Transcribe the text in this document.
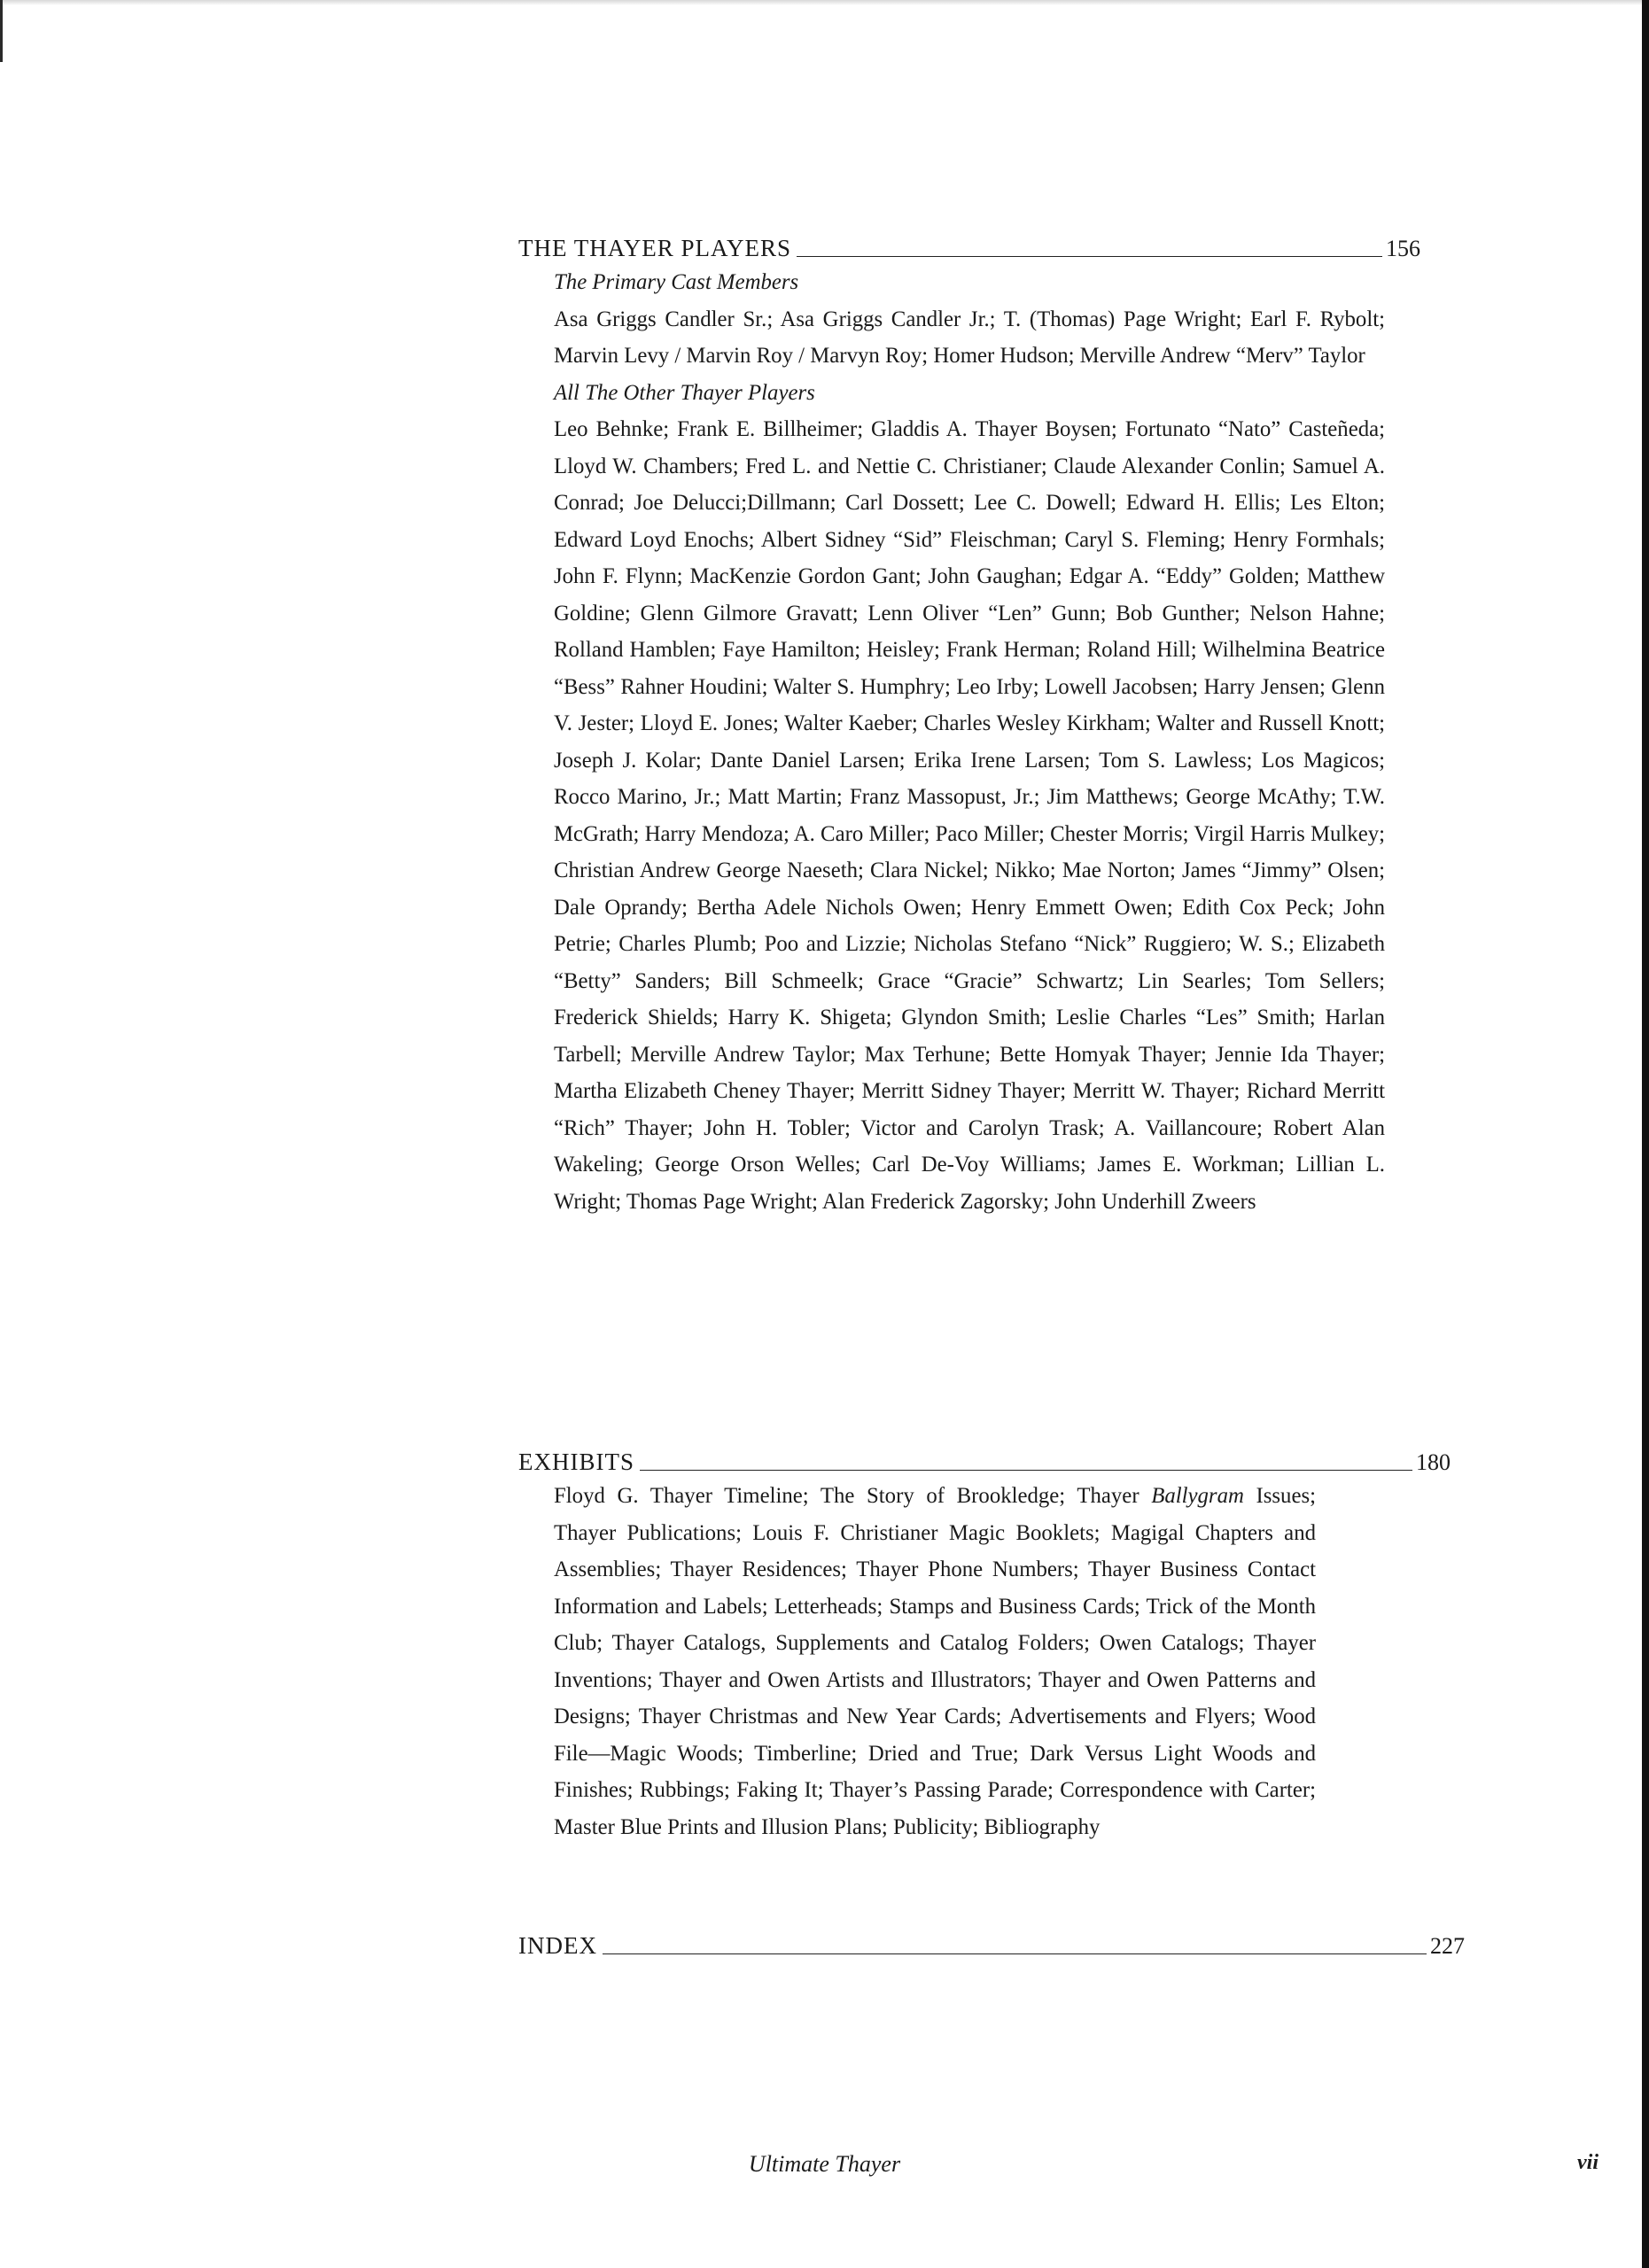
THE THAYER PLAYERS	156
The Primary Cast Members
Asa Griggs Candler Sr.; Asa Griggs Candler Jr.; T. (Thomas) Page Wright; Earl F. Rybolt; Marvin Levy / Marvin Roy / Marvyn Roy; Homer Hudson; Merville Andrew “Merv” Taylor
All The Other Thayer Players
Leo Behnke; Frank E. Billheimer; Gladdis A. Thayer Boysen; Fortunato “Nato” Casteñeda; Lloyd W. Chambers; Fred L. and Nettie C. Christianer; Claude Alexander Conlin; Samuel A. Conrad; Joe Delucci;Dillmann; Carl Dossett; Lee C. Dowell; Edward H. Ellis; Les Elton; Edward Loyd Enochs; Albert Sidney “Sid” Fleischman; Caryl S. Fleming; Henry Formhals; John F. Flynn; MacKenzie Gordon Gant; John Gaughan; Edgar A. “Eddy” Golden; Matthew Goldine; Glenn Gilmore Gravatt; Lenn Oliver “Len” Gunn; Bob Gunther; Nelson Hahne; Rolland Hamblen; Faye Hamilton; Heisley; Frank Herman; Roland Hill; Wilhelmina Beatrice “Bess” Rahner Houdini; Walter S. Humphry; Leo Irby; Lowell Jacobsen; Harry Jensen; Glenn V. Jester; Lloyd E. Jones; Walter Kaeber; Charles Wesley Kirkham; Walter and Russell Knott; Joseph J. Kolar; Dante Daniel Larsen; Erika Irene Larsen; Tom S. Lawless; Los Magicos; Rocco Marino, Jr.; Matt Martin; Franz Massopust, Jr.; Jim Matthews; George McAthy; T.W. McGrath; Harry Mendoza; A. Caro Miller; Paco Miller; Chester Morris; Virgil Harris Mulkey; Christian Andrew George Naeseth; Clara Nickel; Nikko; Mae Norton; James “Jimmy” Olsen; Dale Oprandy; Bertha Adele Nichols Owen; Henry Emmett Owen; Edith Cox Peck; John Petrie; Charles Plumb; Poo and Lizzie; Nicholas Stefano “Nick” Ruggiero; W. S.; Elizabeth “Betty” Sanders; Bill Schmeelk; Grace “Gracie” Schwartz; Lin Searles; Tom Sellers; Frederick Shields; Harry K. Shigeta; Glyndon Smith; Leslie Charles “Les” Smith; Harlan Tarbell; Merville Andrew Taylor; Max Terhune; Bette Homyak Thayer; Jennie Ida Thayer; Martha Elizabeth Cheney Thayer; Merritt Sidney Thayer; Merritt W. Thayer; Richard Merritt “Rich” Thayer; John H. Tobler; Victor and Carolyn Trask; A. Vaillancoure; Robert Alan Wakeling; George Orson Welles; Carl De-Voy Williams; James E. Workman; Lillian L. Wright; Thomas Page Wright; Alan Frederick Zagorsky; John Underhill Zweers
EXHIBITS	180
Floyd G. Thayer Timeline; The Story of Brookledge; Thayer Ballygram Issues; Thayer Publications; Louis F. Christianer Magic Booklets; Magigal Chapters and Assemblies; Thayer Residences; Thayer Phone Numbers; Thayer Business Contact Information and Labels; Letterheads; Stamps and Business Cards; Trick of the Month Club; Thayer Catalogs, Supplements and Catalog Folders; Owen Catalogs; Thayer Inventions; Thayer and Owen Artists and Illustrators; Thayer and Owen Patterns and Designs; Thayer Christmas and New Year Cards; Advertisements and Flyers; Wood File—Magic Woods; Timberline; Dried and True; Dark Versus Light Woods and Finishes; Rubbings; Faking It; Thayer’s Passing Parade; Correspondence with Carter; Master Blue Prints and Illusion Plans; Publicity; Bibliography
INDEX	227
Ultimate Thayer	vii
